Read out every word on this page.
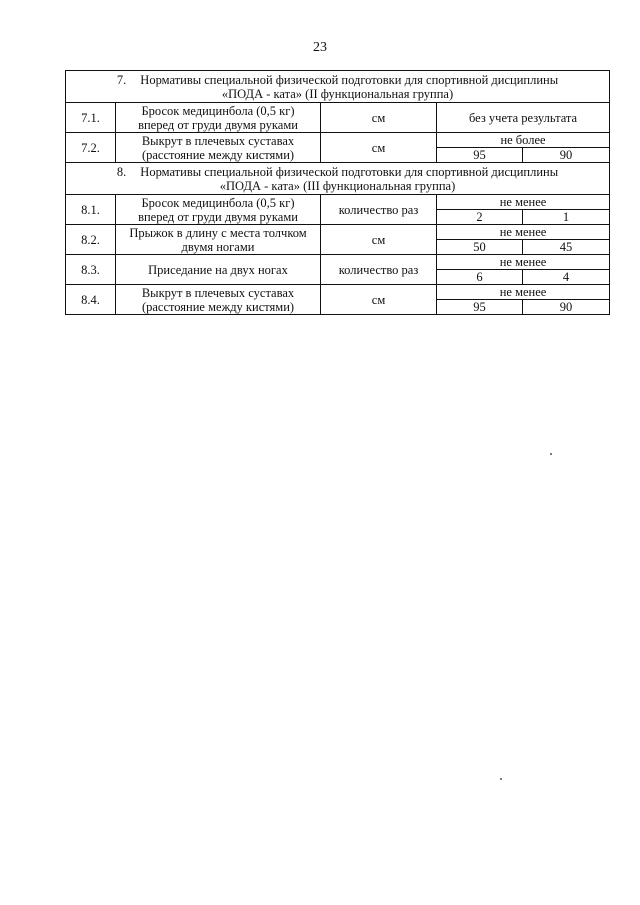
23
7. Нормативы специальной физической подготовки для спортивной дисциплины
«ПОДА - ката» (II функциональная группа)				
7.1.	Бросок медицинбола (0,5 кг)
вперед от груди двумя руками	см	без учета результата	
7.2.	Выкрут в плечевых суставах
(расстояние между кистями)	см	не более	
			95	90
8. Нормативы специальной физической подготовки для спортивной дисциплины
«ПОДА - ката» (III функциональная группа)				
8.1.	Бросок медицинбола (0,5 кг)
вперед от груди двумя руками	количество раз	не менее	
			2	1
8.2.	Прыжок в длину с места толчком
двумя ногами	см	не менее	
			50	45
8.3.	Приседание на двух ногах	количество раз	не менее	
			6	4
8.4.	Выкрут в плечевых суставах
(расстояние между кистями)	см	не менее	
			95	90
